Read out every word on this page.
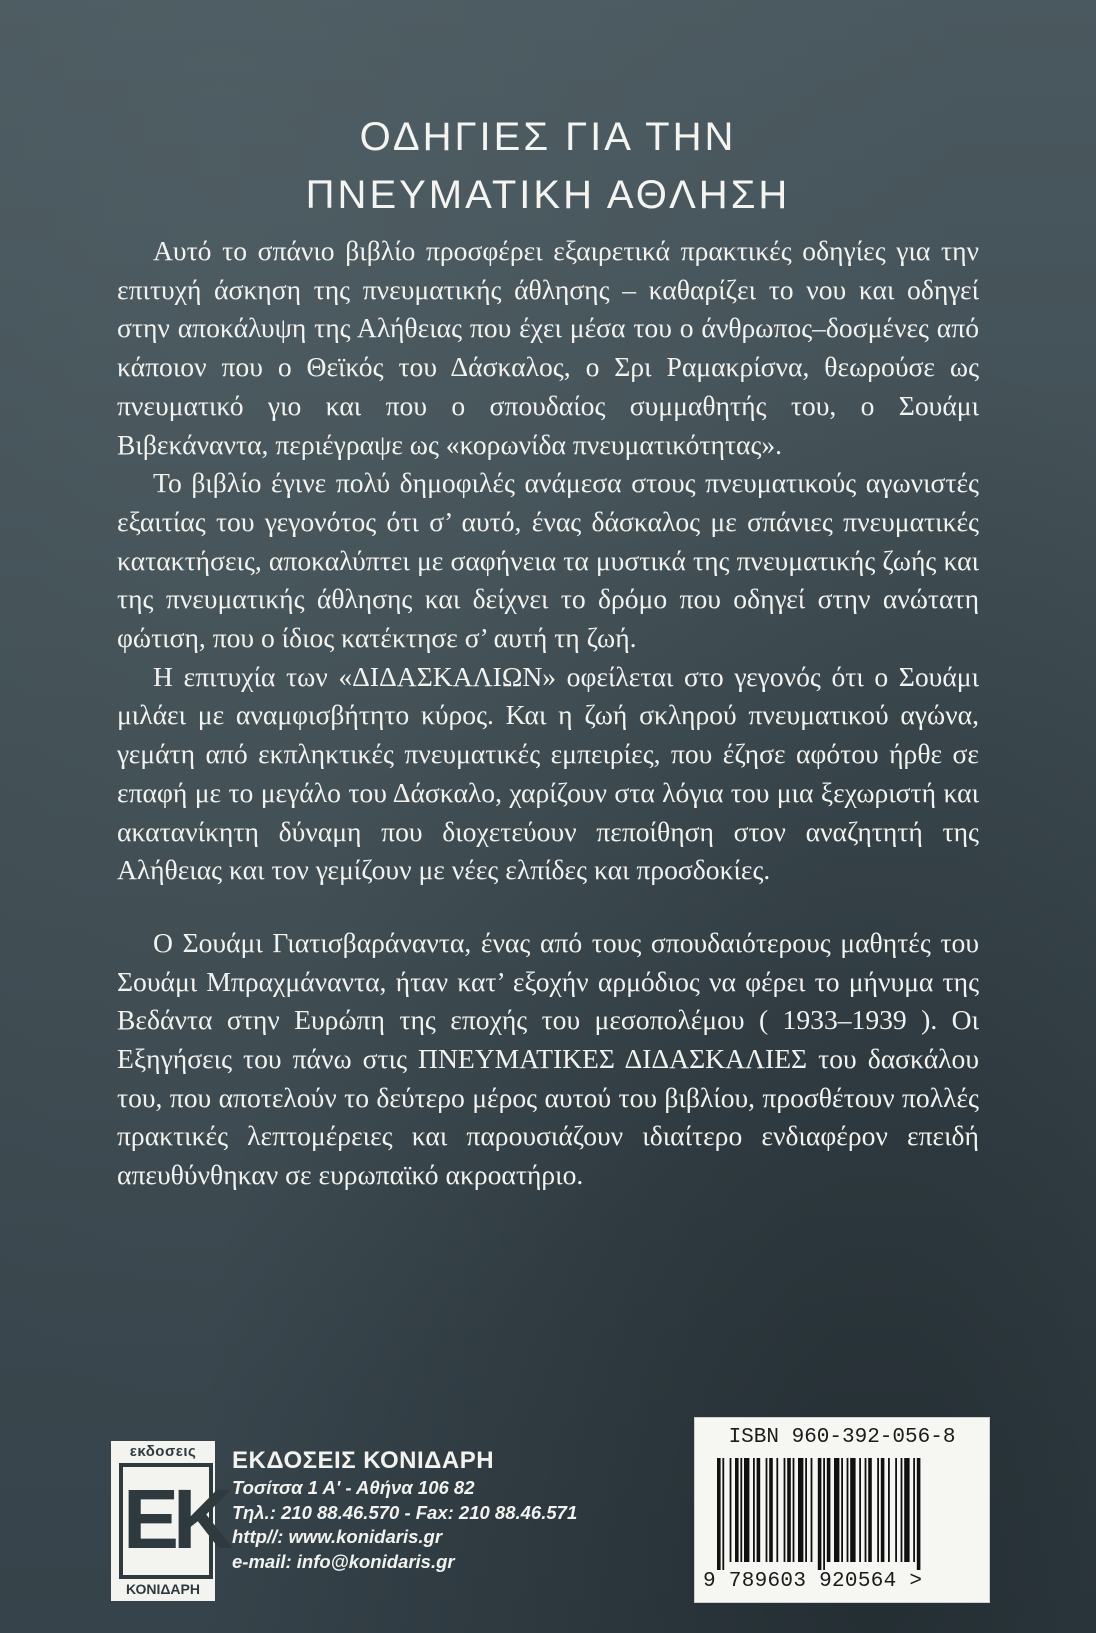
ΟΔΗΓΙΕΣ ΓΙΑ ΤΗΝ
ΠΝΕΥΜΑΤΙΚΗ ΑΘΛΗΣΗ

Αυτό το σπάνιο βιβλίο προσφέρει εξαιρετικά πρακτικές οδηγίες για την επιτυχή άσκηση της πνευματικής άθλησης – καθαρίζει το νου και οδηγεί στην αποκάλυψη της Αλήθειας που έχει μέσα του ο άνθρωπος–δοσμένες από κάποιον που ο Θεϊκός του Δάσκαλος, ο Σρι Ραμακρίσνα, θεωρούσε ως πνευματικό γιο και που ο σπουδαίος συμμαθητής του, ο Σουάμι Βιβεκάναντα, περιέγραψε ως «κορωνίδα πνευματικότητας».

Το βιβλίο έγινε πολύ δημοφιλές ανάμεσα στους πνευματικούς αγωνιστές εξαιτίας του γεγονότος ότι σ’ αυτό, ένας δάσκαλος με σπάνιες πνευματικές κατακτήσεις, αποκαλύπτει με σαφήνεια τα μυστικά της πνευματικής ζωής και της πνευματικής άθλησης και δείχνει το δρόμο που οδηγεί στην ανώτατη φώτιση, που ο ίδιος κατέκτησε σ’ αυτή τη ζωή.

Η επιτυχία των «ΔΙΔΑΣΚΑΛΙΩΝ» οφείλεται στο γεγονός ότι ο Σουάμι μιλάει με αναμφισβήτητο κύρος. Και η ζωή σκληρού πνευματικού αγώνα, γεμάτη από εκπληκτικές πνευματικές εμπειρίες, που έζησε αφότου ήρθε σε επαφή με το μεγάλο του Δάσκαλο, χαρίζουν στα λόγια του μια ξεχωριστή και ακατανίκητη δύναμη που διοχετεύουν πεποίθηση στον αναζητητή της Αλήθειας και τον γεμίζουν με νέες ελπίδες και προσδοκίες.

Ο Σουάμι Γιατισβαράναντα, ένας από τους σπουδαιότερους μαθητές του Σουάμι Μπραχμάναντα, ήταν κατ’ εξοχήν αρμόδιος να φέρει το μήνυμα της Βεδάντα στην Ευρώπη της εποχής του μεσοπολέμου ( 1933–1939 ). Οι Εξηγήσεις του πάνω στις ΠΝΕΥΜΑΤΙΚΕΣ ΔΙΔΑΣΚΑΛΙΕΣ του δασκάλου του, που αποτελούν το δεύτερο μέρος αυτού του βιβλίου, προσθέτουν πολλές πρακτικές λεπτομέρειες και παρουσιάζουν ιδιαίτερο ενδιαφέρον επειδή απευθύνθηκαν σε ευρωπαϊκό ακροατήριο.

εκδοσεις
ΕΚ
ΚΟΝΙΔΑΡΗ
ΕΚΔΟΣΕΙΣ ΚΟΝΙΔΑΡΗ
Τοσίτσα 1 Α' - Αθήνα 106 82
Τηλ.: 210 88.46.570 - Fax: 210 88.46.571
http//: www.konidaris.gr
e-mail: info@konidaris.gr
ISBN 960-392-056-8
9 789603 920564 >
